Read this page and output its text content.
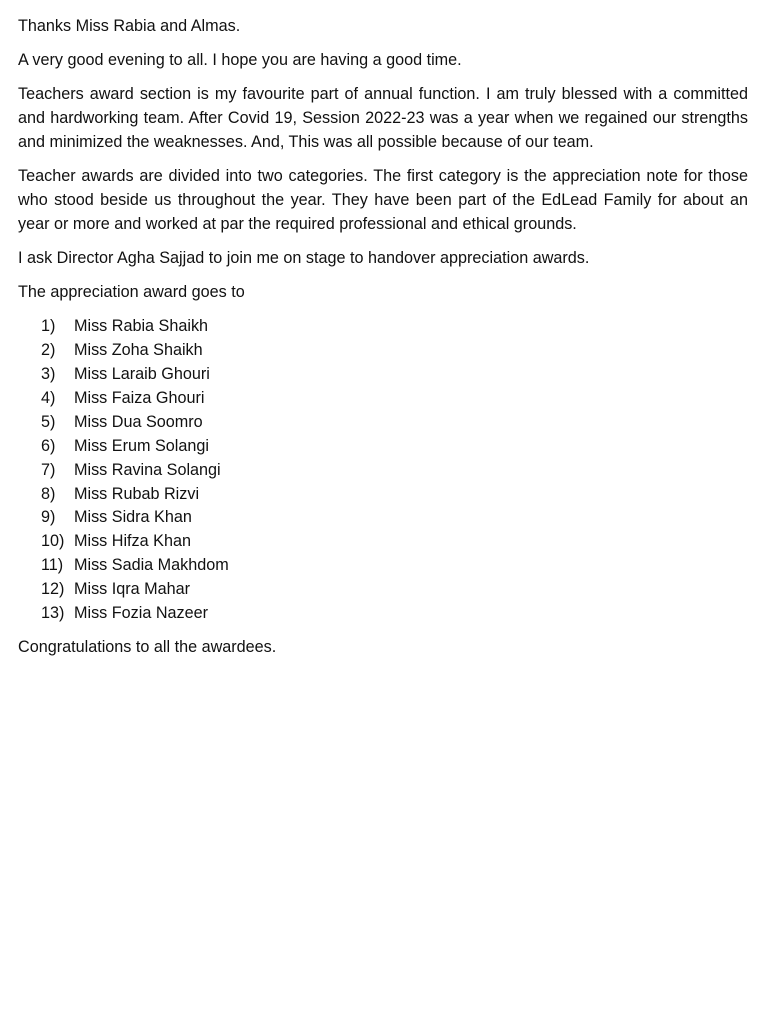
Thanks Miss Rabia and Almas.

A very good evening to all. I hope you are having a good time.

Teachers award section is my favourite part of annual function. I am truly blessed with a committed and hardworking team. After Covid 19, Session 2022-23 was a year when we regained our strengths and minimized the weaknesses. And, This was all possible because of our team.

Teacher awards are divided into two categories. The first category is the appreciation note for those who stood beside us throughout the year. They have been part of the EdLead Family for about an year or more and worked at par the required professional and ethical grounds.

I ask Director Agha Sajjad to join me on stage to handover appreciation awards.

The appreciation award goes to

1)	Miss Rabia Shaikh
2)	Miss Zoha Shaikh
3)	Miss Laraib Ghouri
4)	Miss Faiza Ghouri
5)	Miss Dua Soomro
6)	Miss Erum Solangi
7)	Miss Ravina Solangi
8)	Miss Rubab Rizvi
9)	Miss Sidra Khan
10) Miss Hifza Khan
11) Miss Sadia Makhdom
12) Miss Iqra Mahar
13) Miss Fozia Nazeer

Congratulations to all the awardees.
